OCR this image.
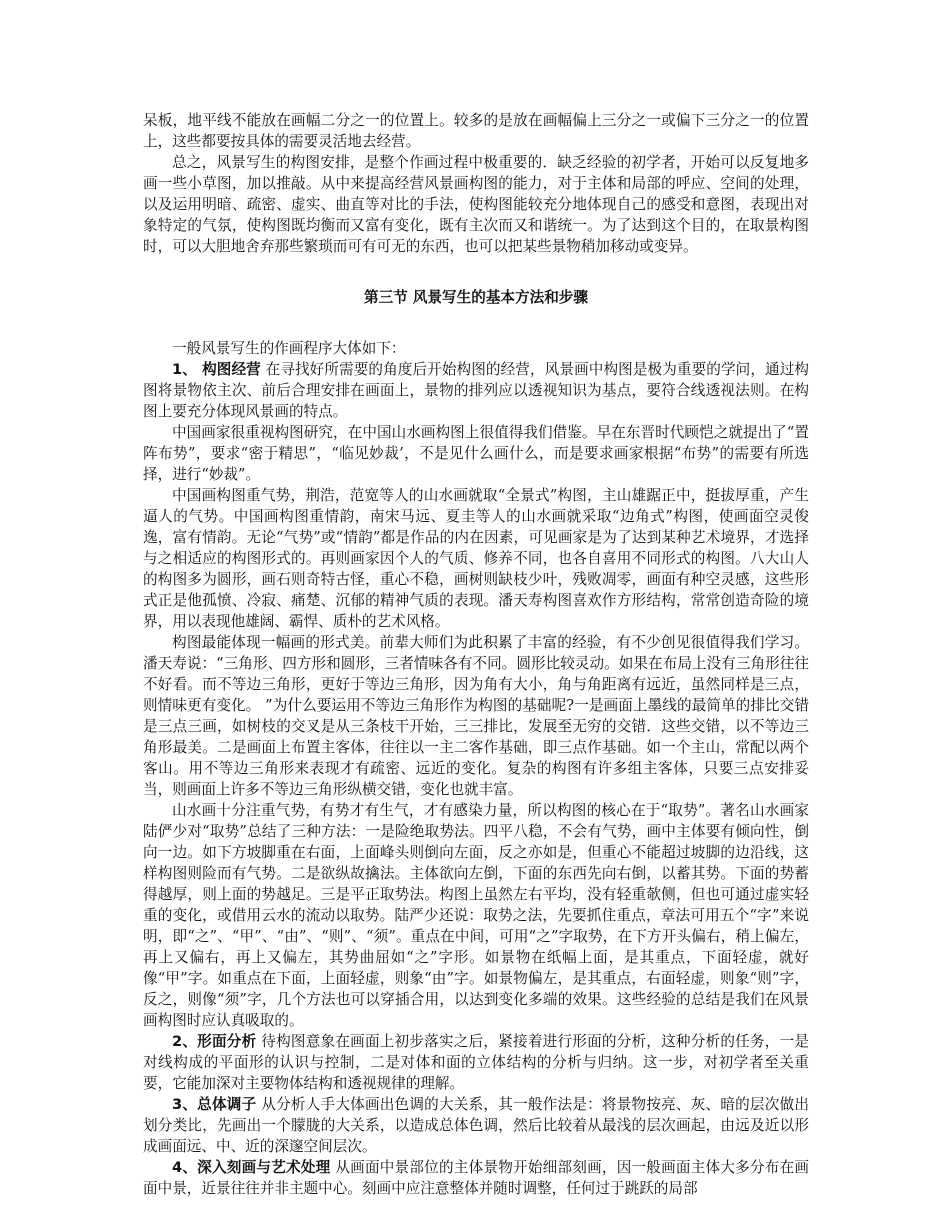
呆板，地平线不能放在画幅二分之一的位置上。较多的是放在画幅偏上三分之一或偏下三分之一的位置上，这些都要按具体的需要灵活地去经营。

总之，风景写生的构图安排，是整个作画过程中极重要的．缺乏经验的初学者，开始可以反复地多画一些小草图，加以推敲。从中来提高经营风景画构图的能力，对于主体和局部的呼应、空间的处理，以及运用明暗、疏密、虚实、曲直等对比的手法，使构图能较充分地体现自己的感受和意图，表现出对象特定的气氛，使构图既均衡而又富有变化，既有主次而又和谐统一。为了达到这个目的，在取景构图时，可以大胆地舍弃那些繁琐而可有可无的东西，也可以把某些景物稍加移动或变异。

第三节 风景写生的基本方法和步骤

一般风景写生的作画程序大体如下：

1、 构图经营 在寻找好所需要的角度后开始构图的经营，风景画中构图是极为重要的学问，通过构图将景物依主次、前后合理安排在画面上，景物的排列应以透视知识为基点，要符合线透视法则。在构图上要充分体现风景画的特点。

中国画家很重视构图研究，在中国山水画构图上很值得我们借鉴。早在东晋时代顾恺之就提出了“置阵布势”，要求“密于精思”，“临见妙裁’，不是见什么画什么，而是要求画家根据“布势”的需要有所选择，进行“妙裁”。

中国画构图重气势，荆浩，范宽等人的山水画就取“全景式”构图，主山雄踞正中，挺拔厚重，产生逼人的气势。中国画构图重情韵，南宋马远、夏圭等人的山水画就采取“边角式”构图，使画面空灵俊逸，富有情韵。无论“气势”或“情韵”都是作品的内在因素，可见画家是为了达到某种艺术境界，才选择与之相适应的构图形式的。再则画家因个人的气质、修养不同，也各自喜用不同形式的构图。八大山人的构图多为圆形，画石则奇特古怪，重心不稳，画树则缺枝少叶，残败凋零，画面有种空灵感，这些形式正是他孤愤、冷寂、痛楚、沉郁的精神气质的表现。潘天寿构图喜欢作方形结构，常常创造奇险的境界，用以表现他雄阔、霸悍、质朴的艺术风格。

构图最能体现一幅画的形式美。前辈大师们为此积累了丰富的经验，有不少创见很值得我们学习。潘天寿说：“三角形、四方形和圆形，三者情味各有不同。圆形比较灵动。如果在布局上没有三角形往往不好看。而不等边三角形，更好于等边三角形，因为角有大小，角与角距离有远近，虽然同样是三点，则情味更有变化。 ”为什么要运用不等边三角形作为构图的基础呢?一是画面上墨线的最简单的排比交错是三点三画，如树枝的交叉是从三条枝干开始，三三排比，发展至无穷的交错．这些交错，以不等边三角形最美。二是画面上布置主客体，往往以一主二客作基础，即三点作基础。如一个主山，常配以两个客山。用不等边三角形来表现才有疏密、远近的变化。复杂的构图有许多组主客体，只要三点安排妥当，则画面上许多不等边三角形纵横交错，变化也就丰富。

山水画十分注重气势，有势才有生气，才有感染力量，所以构图的核心在于“取势”。著名山水画家陆俨少对“取势”总结了三种方法：一是险绝取势法。四平八稳，不会有气势，画中主体要有倾向性，倒向一边。如下方坡脚重在右面，上面峰头则倒向左面，反之亦如是，但重心不能超过坡脚的边沿线，这样构图则险而有气势。二是欲纵故擒法。主体欲向左倒，下面的东西先向右倒，以蓄其势。下面的势蓄得越厚，则上面的势越足。三是平正取势法。构图上虽然左右平均，没有轻重欹侧，但也可通过虚实轻重的变化，或借用云水的流动以取势。陆严少还说：取势之法，先要抓住重点，章法可用五个“字”来说明，即“之”、“甲”、“由”、“则”、“须”。重点在中间，可用“之”字取势，在下方开头偏右，稍上偏左，再上又偏右，再上又偏左，其势曲屈如“之”字形。如景物在纸幅上面，是其重点，下面轻虚，就好像“甲”字。如重点在下面，上面轻虚，则象“由”字。如景物偏左，是其重点，右面轻虚，则象“则”字，反之，则像“须”字，几个方法也可以穿插合用，以达到变化多端的效果。这些经验的总结是我们在风景画构图时应认真吸取的。

2、形面分析 待构图意象在画面上初步落实之后，紧接着进行形面的分析，这种分析的任务，一是对线构成的平面形的认识与控制，二是对体和面的立体结构的分析与归纳。这一步，对初学者至关重要，它能加深对主要物体结构和透视规律的理解。

3、总体调子 从分析人手大体画出色调的大关系，其一般作法是：将景物按亮、灰、暗的层次做出划分类比，先画出一个朦胧的大关系，以造成总体色调，然后比较着从最浅的层次画起，由远及近以形成画面远、中、近的深邃空间层次。

4、深入刻画与艺术处理 从画面中景部位的主体景物开始细部刻画，因一般画面主体大多分布在画面中景，近景往往并非主题中心。刻画中应注意整体并随时调整，任何过于跳跃的局部
